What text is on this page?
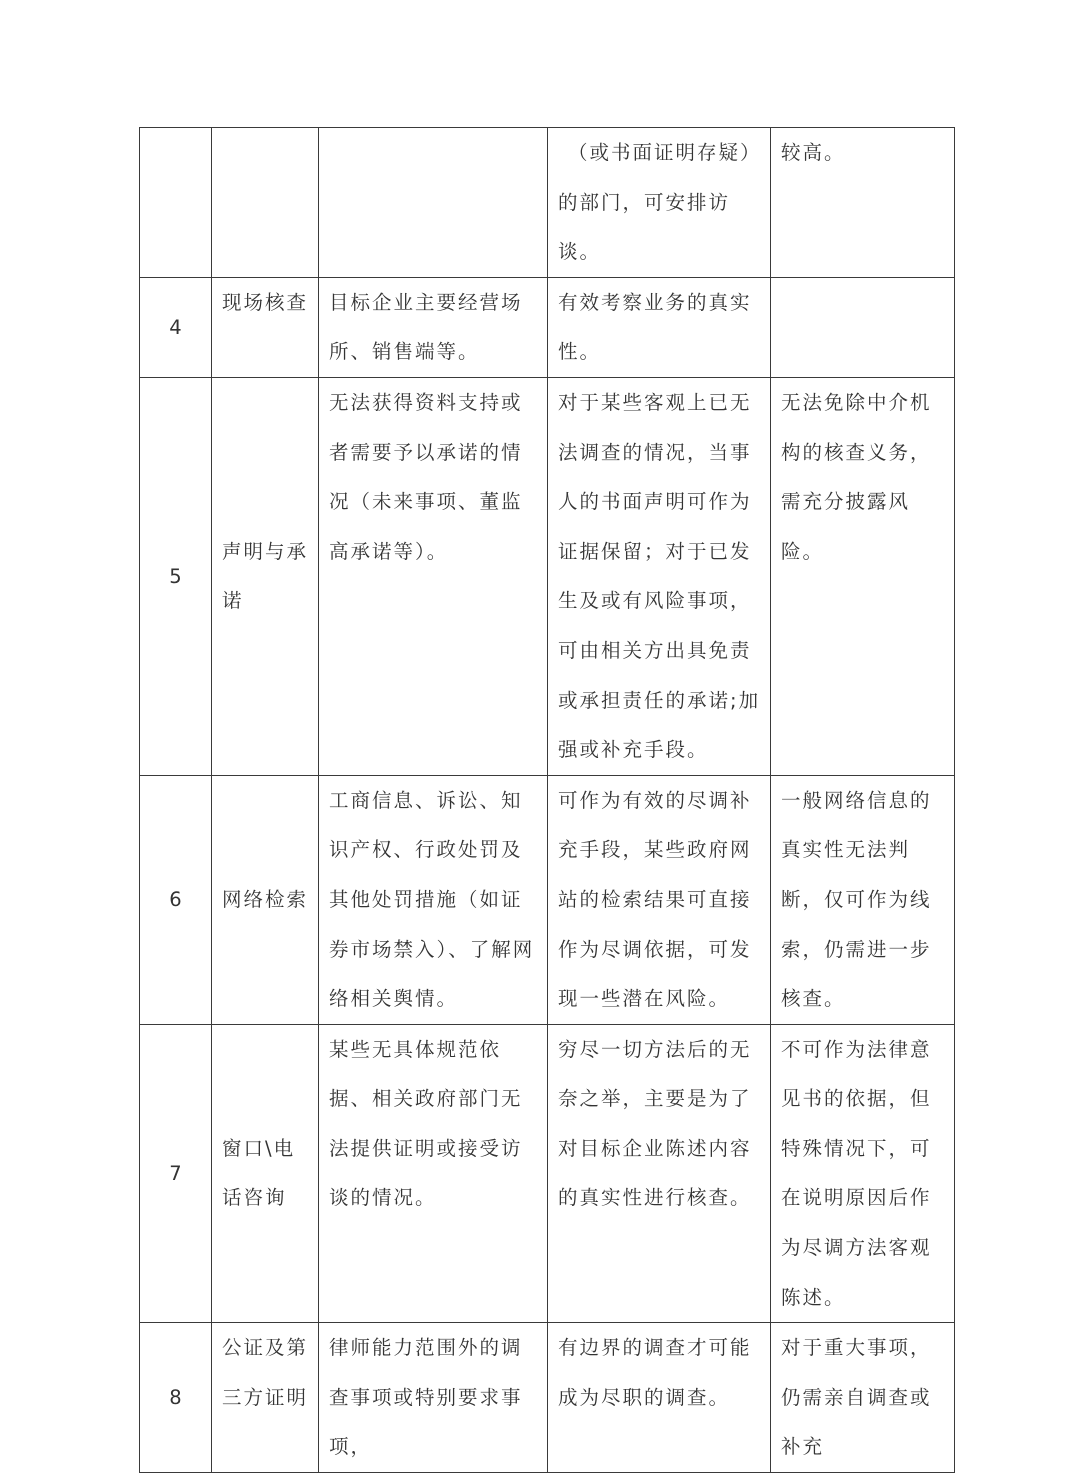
			（或书面证明存疑）的部门，可安排访谈。	较高。
4	现场核查	目标企业主要经营场所、销售端等。	有效考察业务的真实性。	
5	声明与承诺	无法获得资料支持或者需要予以承诺的情况（未来事项、董监高承诺等）。	对于某些客观上已无法调查的情况，当事人的书面声明可作为证据保留；对于已发生及或有风险事项，可由相关方出具免责或承担责任的承诺;加强或补充手段。	无法免除中介机构的核查义务，需充分披露风险。
6	网络检索	工商信息、诉讼、知识产权、行政处罚及其他处罚措施（如证券市场禁入）、了解网络相关舆情。	可作为有效的尽调补充手段，某些政府网站的检索结果可直接作为尽调依据，可发现一些潜在风险。	一般网络信息的真实性无法判断，仅可作为线索，仍需进一步核查。
7	窗口\电话咨询	某些无具体规范依据、相关政府部门无法提供证明或接受访谈的情况。	穷尽一切方法后的无奈之举，主要是为了对目标企业陈述内容的真实性进行核查。	不可作为法律意见书的依据，但特殊情况下，可在说明原因后作为尽调方法客观陈述。
8	公证及第三方证明	律师能力范围外的调查事项或特别要求事项，	有边界的调查才可能成为尽职的调查。	对于重大事项，仍需亲自调查或补充
